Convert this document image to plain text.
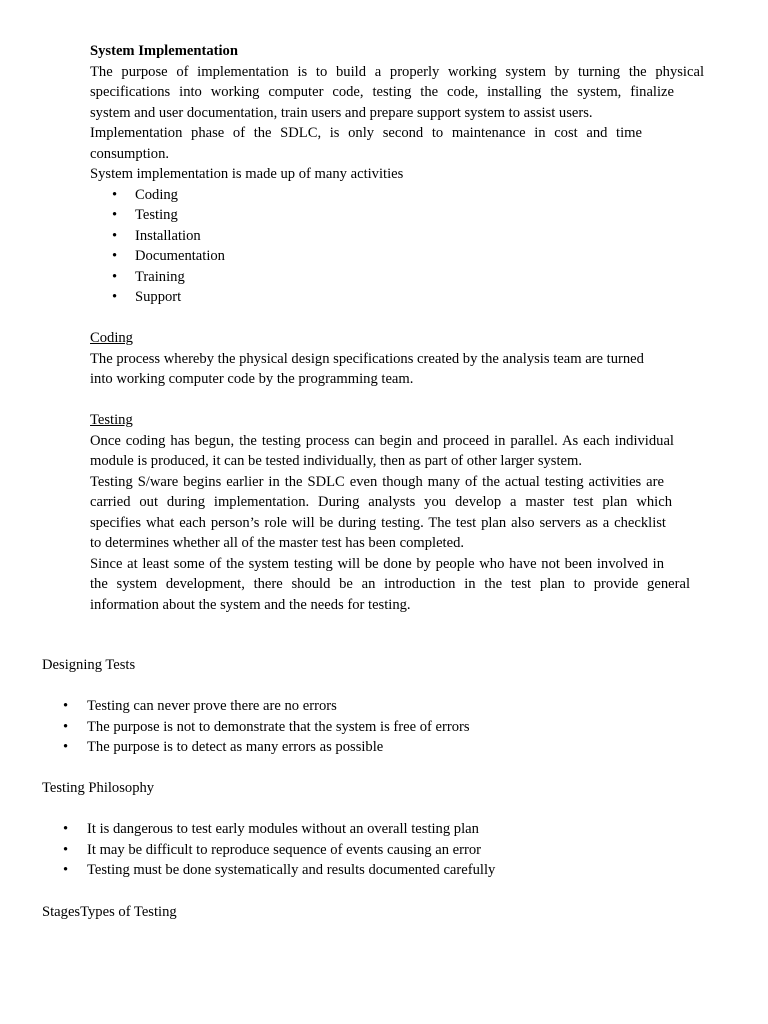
System Implementation
The purpose of implementation is to build a properly working system by turning the physical
specifications into working computer code, testing the code, installing the system, finalize
system and user documentation, train users and prepare support system to assist users.
Implementation phase of the SDLC, is only second to maintenance in cost and time
consumption.
System implementation is made up of many activities
• Coding
• Testing
• Installation
• Documentation
• Training
• Support
Coding
The process whereby the physical design specifications created by the analysis team are turned
into working computer code by the programming team.
Testing
Once coding has begun, the testing process can begin and proceed in parallel. As each individual
module is produced, it can be tested individually, then as part of other larger system.
Testing S/ware begins earlier in the SDLC even though many of the actual testing activities are
carried out during implementation. During analysts you develop a master test plan which
specifies what each person’s role will be during testing. The test plan also servers as a checklist
to determines whether all of the master test has been completed.
Since at least some of the system testing will be done by people who have not been involved in
the system development, there should be an introduction in the test plan to provide general
information about the system and the needs for testing.
Designing Tests
• Testing can never prove there are no errors
• The purpose is not to demonstrate that the system is free of errors
• The purpose is to detect as many errors as possible
Testing Philosophy
• It is dangerous to test early modules without an overall testing plan
• It may be difficult to reproduce sequence of events causing an error
• Testing must be done systematically and results documented carefully
StagesTypes of Testing
